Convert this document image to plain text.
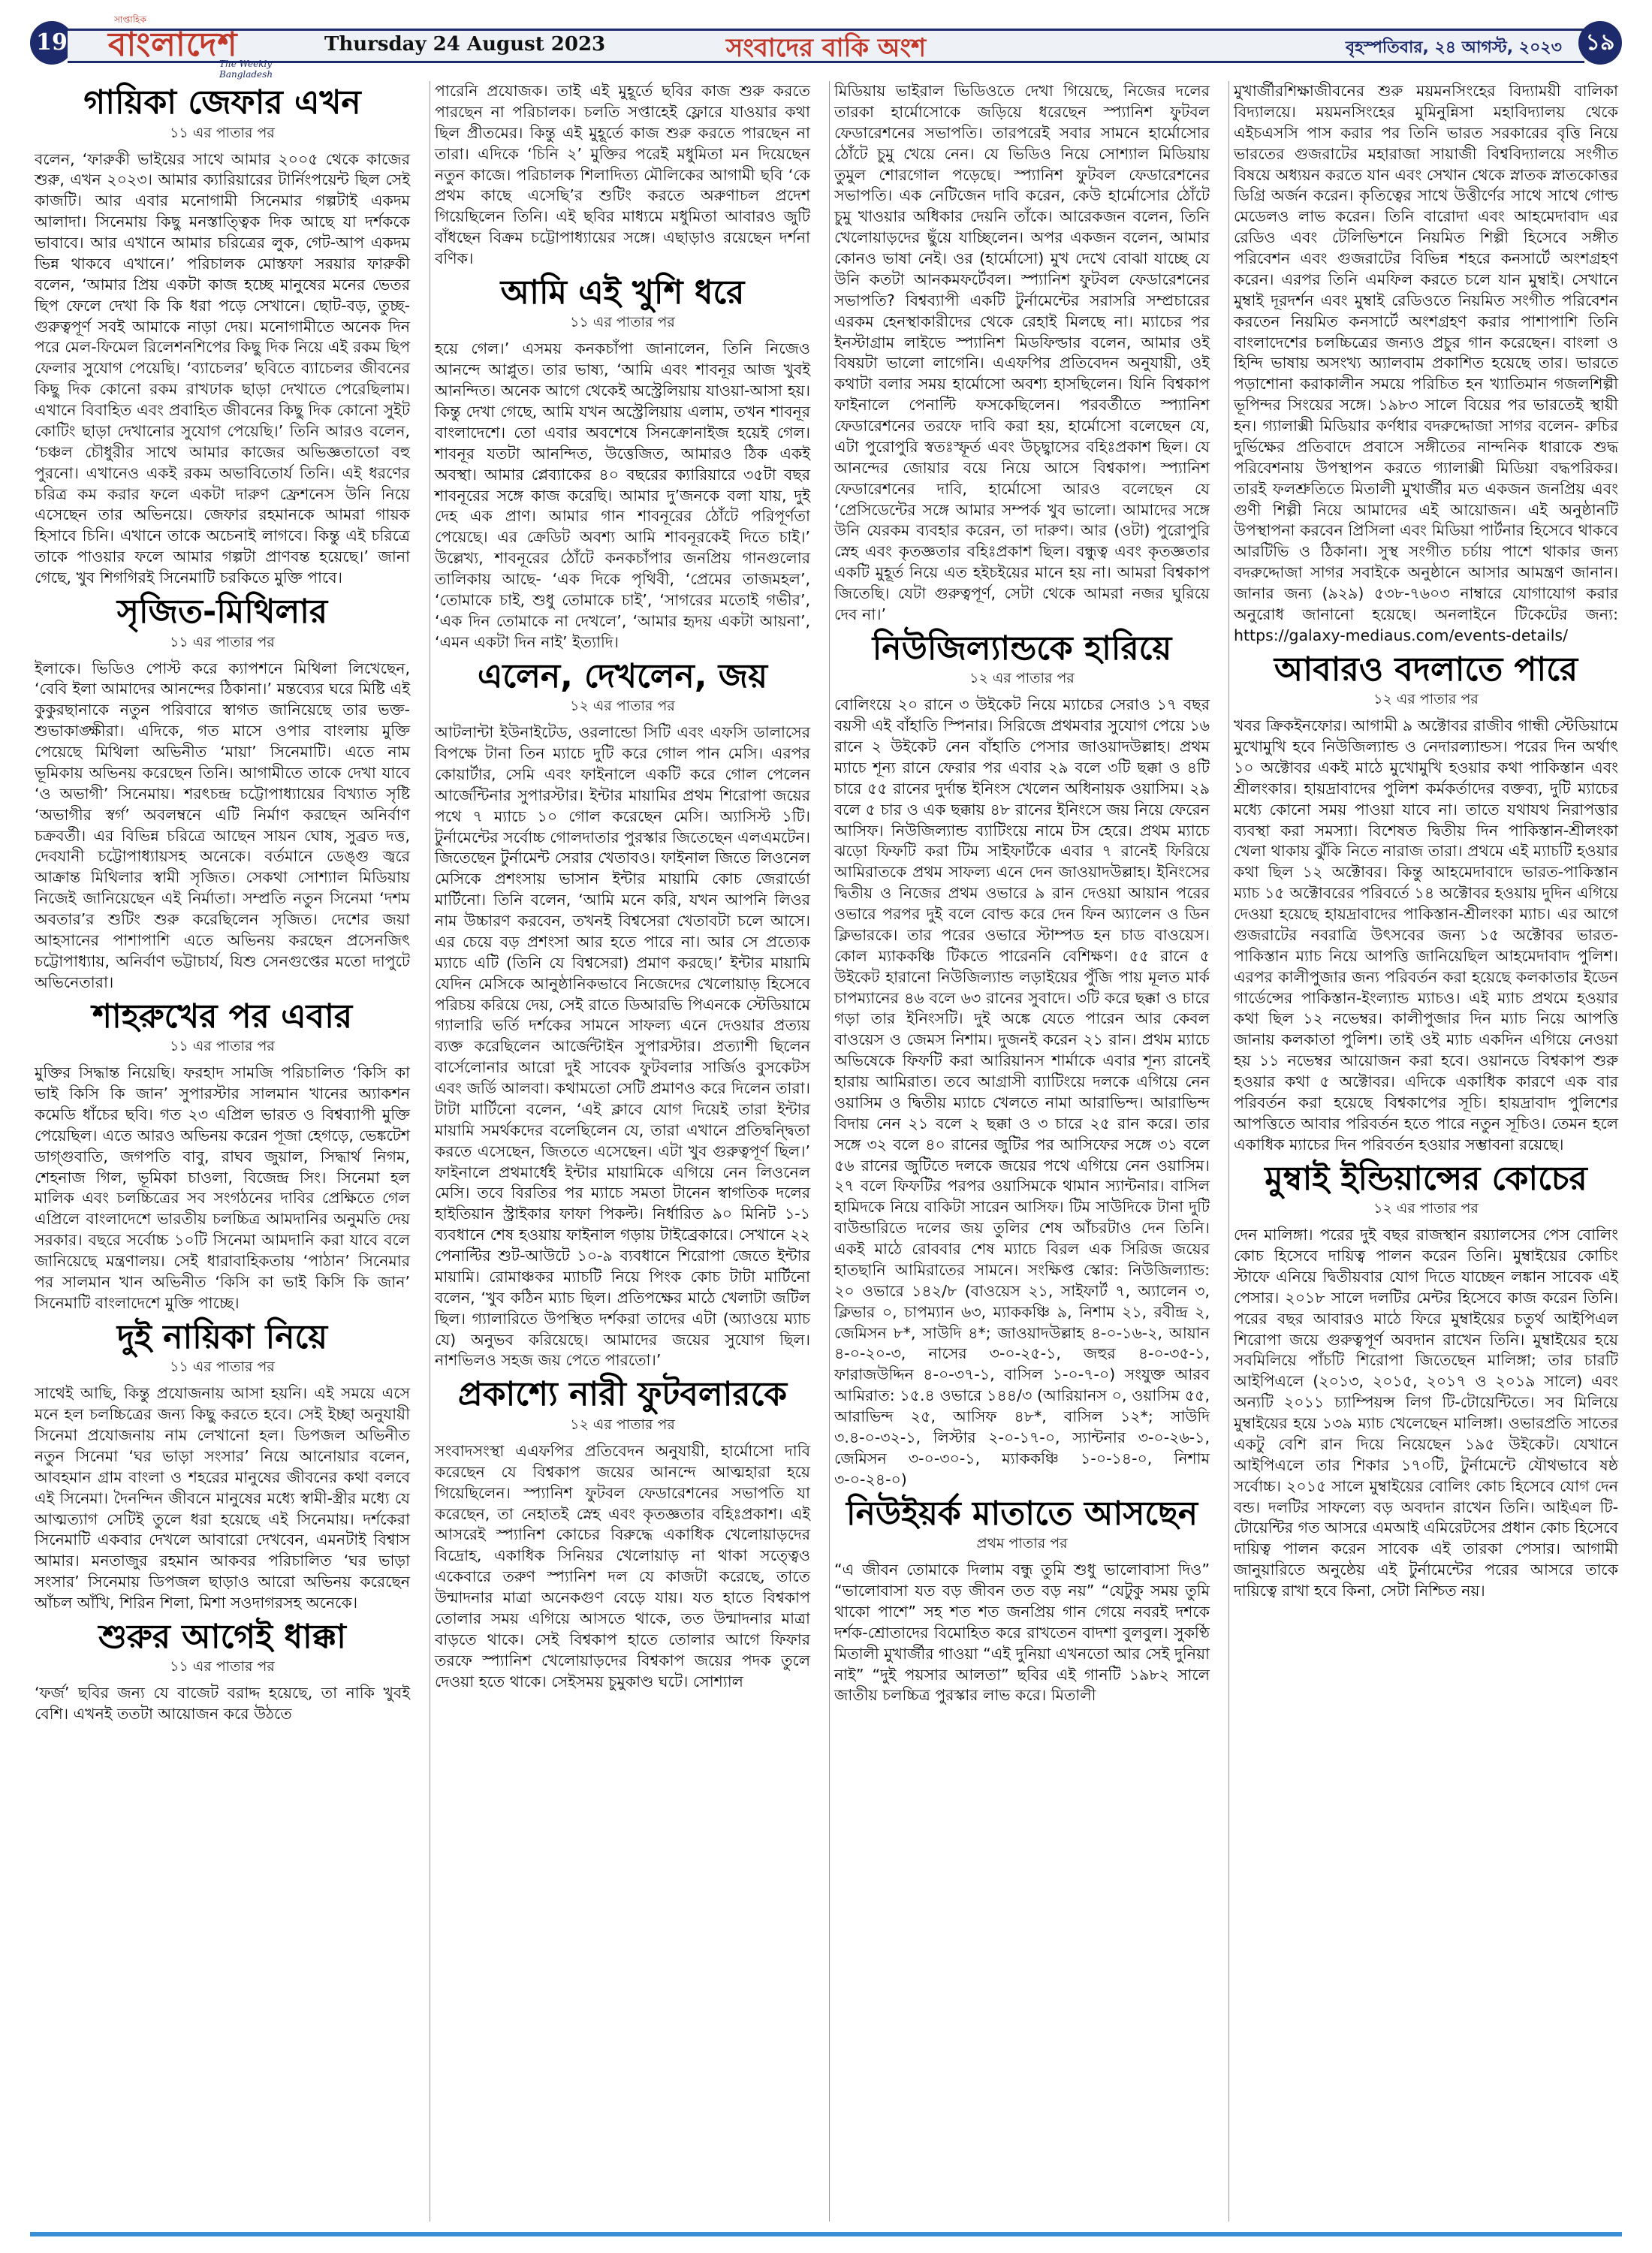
19
সাপ্তাহিক
বাংলাদেশ
The Weekly Bangladesh
Thursday 24 August 2023	সংবাদের বাকি অংশ	বৃহস্পতিবার, ২৪ আগস্ট, ২০২৩	১৯
গায়িকা জেফার এখন
১১ এর পাতার পর

বলেন, ‘ফারুকী ভাইয়ের সাথে আমার ২০০৫ থেকে কাজের শুরু, এখন ২০২৩। আমার ক্যারিয়ারের টার্নিংপয়েন্ট ছিল সেই কাজটি। আর এবার মনোগামী সিনেমার গল্পটাই একদম আলাদা। সিনেমায় কিছু মনস্তাত্ত্বিক দিক আছে যা দর্শককে ভাবাবে। আর এখানে আমার চরিত্রের লুক, গেট-আপ একদম ভিন্ন থাকবে এখানে।’ পরিচালক মোস্তফা সরয়ার ফারুকী বলেন, ‘আমার প্রিয় একটা কাজ হচ্ছে মানুষের মনের ভেতর ছিপ ফেলে দেখা কি কি ধরা পড়ে সেখানে। ছোট-বড়, তুচ্ছ-গুরুত্বপূর্ণ সবই আমাকে নাড়া দেয়। মনোগামীতে অনেক দিন পরে মেল-ফিমেল রিলেশনশিপের কিছু দিক নিয়ে এই রকম ছিপ ফেলার সুযোগ পেয়েছি। ‘ব্যাচেলর’ ছবিতে ব্যাচেলর জীবনের কিছু দিক কোনো রকম রাখঢাক ছাড়া দেখাতে পেরেছিলাম। এখানে বিবাহিত এবং প্রবাহিত জীবনের কিছু দিক কোনো সুইট কোটিং ছাড়া দেখানোর সুযোগ পেয়েছি।’ তিনি আরও বলেন, ‘চঞ্চল চৌধুরীর সাথে আমার কাজের অভিজ্ঞতাতো বহু পুরনো। এখানেও একই রকম অভাবিতোর্য তিনি। এই ধরণের চরিত্র কম করার ফলে একটা দারুণ ফ্রেশনেস উনি নিয়ে এসেছেন তার অভিনয়ে। জেফার রহমানকে আমরা গায়ক হিসাবে চিনি। এখানে তাকে অচেনাই লাগবে। কিন্তু এই চরিত্রে তাকে পাওয়ার ফলে আমার গল্পটা প্রাণবন্ত হয়েছে।’ জানা গেছে, খুব শিগগিরই সিনেমাটি চরকিতে মুক্তি পাবে।

সৃজিত-মিথিলার
১১ এর পাতার পর

ইলাকে। ভিডিও পোস্ট করে ক্যাপশনে মিথিলা লিখেছেন, ‘বেবি ইলা আমাদের আনন্দের ঠিকানা।’ মন্তব্যের ঘরে মিষ্টি এই কুকুরছানাকে নতুন পরিবারে স্বাগত জানিয়েছে তার ভক্ত-শুভাকাঙ্ক্ষীরা। এদিকে, গত মাসে ওপার বাংলায় মুক্তি পেয়েছে মিথিলা অভিনীত ‘মায়া’ সিনেমাটি। এতে নাম ভূমিকায় অভিনয় করেছেন তিনি। আগামীতে তাকে দেখা যাবে ‘ও অভাগী’ সিনেমায়। শরৎচন্দ্র চট্টোপাধ্যায়ের বিখ্যাত সৃষ্টি ‘অভাগীর স্বর্গ’ অবলম্বনে এটি নির্মাণ করছেন অনির্বাণ চক্রবর্তী। এর বিভিন্ন চরিত্রে আছেন সায়ন ঘোষ, সুব্রত দত্ত, দেবযানী চট্টোপাধ্যায়সহ অনেকে। বর্তমানে ডেঙ্গু জ্বরে আক্রান্ত মিথিলার স্বামী সৃজিত। সেকথা সোশ্যাল মিডিয়ায় নিজেই জানিয়েছেন এই নির্মাতা। সম্প্রতি নতুন সিনেমা ‘দশম অবতার’র শুটিং শুরু করেছিলেন সৃজিত। দেশের জয়া আহসানের পাশাপাশি এতে অভিনয় করছেন প্রসেনজিৎ চট্টোপাধ্যায়, অনির্বাণ ভট্টাচার্য, যিশু সেনগুপ্তের মতো দাপুটে অভিনেতারা।

শাহরুখের পর এবার
১১ এর পাতার পর

মুক্তির সিদ্ধান্ত নিয়েছি। ফরহাদ সামজি পরিচালিত ‘কিসি কা ভাই কিসি কি জান’ সুপারস্টার সালমান খানের অ্যাকশন কমেডি ধাঁচের ছবি। গত ২৩ এপ্রিল ভারত ও বিশ্বব্যাপী মুক্তি পেয়েছিল। এতে আরও অভিনয় করেন পূজা হেগড়ে, ভেঙ্কটেশ ডাগ্গুবাতি, জগপতি বাবু, রাঘব জুয়াল, সিদ্ধার্থ নিগম, শেহনাজ গিল, ভূমিকা চাওলা, বিজেন্দ্র সিং। সিনেমা হল মালিক এবং চলচ্চিত্রের সব সংগঠনের দাবির প্রেক্ষিতে গেল এপ্রিলে বাংলাদেশে ভারতীয় চলচ্চিত্র আমদানির অনুমতি দেয় সরকার। বছরে সর্বোচ্চ ১০টি সিনেমা আমদানি করা যাবে বলে জানিয়েছে মন্ত্রণালয়। সেই ধারাবাহিকতায় ‘পাঠান’ সিনেমার পর সালমান খান অভিনীত ‘কিসি কা ভাই কিসি কি জান’ সিনেমাটি বাংলাদেশে মুক্তি পাচ্ছে।

দুই নায়িকা নিয়ে
১১ এর পাতার পর

সাথেই আছি, কিন্তু প্রযোজনায় আসা হয়নি। এই সময়ে এসে মনে হল চলচ্চিত্রের জন্য কিছু করতে হবে। সেই ইচ্ছা অনুযায়ী সিনেমা প্রযোজনায় নাম লেখানো হল। ডিপজল অভিনীত নতুন সিনেমা ‘ঘর ভাড়া সংসার’ নিয়ে আনোয়ার বলেন, আবহমান গ্রাম বাংলা ও শহরের মানুষের জীবনের কথা বলবে এই সিনেমা। দৈনন্দিন জীবনে মানুষের মধ্যে স্বামী-স্ত্রীর মধ্যে যে আত্মত্যাগ সেটিই তুলে ধরা হয়েছে এই সিনেমায়। দর্শকেরা সিনেমাটি একবার দেখলে আবারো দেখবেন, এমনটাই বিশ্বাস আমার। মনতাজুর রহমান আকবর পরিচালিত ‘ঘর ভাড়া সংসার’ সিনেমায় ডিপজল ছাড়াও আরো অভিনয় করেছেন আঁচল আঁখি, শিরিন শিলা, মিশা সওদাগরসহ অনেকে।

শুরুর আগেই ধাক্কা
১১ এর পাতার পর

‘ফর্জ’ ছবির জন্য যে বাজেট বরাদ্দ হয়েছে, তা নাকি খুবই বেশি। এখনই ততটা আয়োজন করে উঠতে

পারেনি প্রযোজক। তাই এই মুহূর্তে ছবির কাজ শুরু করতে পারছেন না পরিচালক। চলতি সপ্তাহেই ফ্লোরে যাওয়ার কথা ছিল প্রীতমের। কিন্তু এই মুহূর্তে কাজ শুরু করতে পারছেন না তারা। এদিকে ‘চিনি ২’ মুক্তির পরেই মধুমিতা মন দিয়েছেন নতুন কাজে। পরিচালক শিলাদিত্য মৌলিকের আগামী ছবি ‘কে প্রথম কাছে এসেছি’র শুটিং করতে অরুণাচল প্রদেশ গিয়েছিলেন তিনি। এই ছবির মাধ্যমে মধুমিতা আবারও জুটি বাঁধছেন বিক্রম চট্টোপাধ্যায়ের সঙ্গে। এছাড়াও রয়েছেন দর্শনা বণিক।

আমি এই খুশি ধরে
১১ এর পাতার পর

হয়ে গেল।’ এসময় কনকচাঁপা জানালেন, তিনি নিজেও আনন্দে আপ্লুত। তার ভাষ্য, ‘আমি এবং শাবনূর আজ খুবই আনন্দিত। অনেক আগে থেকেই অস্ট্রেলিয়ায় যাওয়া-আসা হয়। কিন্তু দেখা গেছে, আমি যখন অস্ট্রেলিয়ায় এলাম, তখন শাবনূর বাংলাদেশে। তো এবার অবশেষে সিনক্রোনাইজ হয়েই গেল। শাবনূর যতটা আনন্দিত, উত্তেজিত, আমারও ঠিক একই অবস্থা। আমার প্লেব্যাকের ৪০ বছরের ক্যারিয়ারে ৩৫টা বছর শাবনূরের সঙ্গে কাজ করেছি। আমার দু’জনকে বলা যায়, দুই দেহ এক প্রাণ। আমার গান শাবনূরের ঠোঁটে পরিপূর্ণতা পেয়েছে। এর ক্রেডিট অবশ্য আমি শাবনূরকেই দিতে চাই।’ উল্লেখ্য, শাবনূরের ঠোঁটে কনকচাঁপার জনপ্রিয় গানগুলোর তালিকায় আছে- ‘এক দিকে পৃথিবী, ‘প্রেমের তাজমহল’, ‘তোমাকে চাই, শুধু তোমাকে চাই’, ‘সাগরের মতোই গভীর’, ‘এক দিন তোমাকে না দেখলে’, ‘আমার হৃদয় একটা আয়না’, ‘এমন একটা দিন নাই’ ইত্যাদি।

এলেন, দেখলেন, জয়
১২ এর পাতার পর

আটলান্টা ইউনাইটেড, ওরলান্ডো সিটি এবং এফসি ডালাসের বিপক্ষে টানা তিন ম্যাচে দুটি করে গোল পান মেসি। এরপর কোয়ার্টার, সেমি এবং ফাইনালে একটি করে গোল পেলেন আর্জেন্টিনার সুপারস্টার। ইন্টার মায়ামির প্রথম শিরোপা জয়ের পথে ৭ ম্যাচে ১০ গোল করেছেন মেসি। অ্যাসিস্ট ১টি। টুর্নামেন্টের সর্বোচ্চ গোলদাতার পুরস্কার জিতেছেন এলএমটেন। জিতেছেন টুর্নামেন্ট সেরার খেতাবও। ফাইনাল জিতে লিওনেল মেসিকে প্রশংসায় ভাসান ইন্টার মায়ামি কোচ জেরার্ডো মার্টিনো। তিনি বলেন, ‘আমি মনে করি, যখন আপনি লিওর নাম উচ্চারণ করবেন, তখনই বিশ্বসেরা খেতাবটা চলে আসে। এর চেয়ে বড় প্রশংসা আর হতে পারে না। আর সে প্রত্যেক ম্যাচে এটি (তিনি যে বিশ্বসেরা) প্রমাণ করছে।’ ইন্টার মায়ামি যেদিন মেসিকে আনুষ্ঠানিকভাবে নিজেদের খেলোয়াড় হিসেবে পরিচয় করিয়ে দেয়, সেই রাতে ডিআরভি পিএনকে স্টেডিয়ামে গ্যালারি ভর্তি দর্শকের সামনে সাফল্য এনে দেওয়ার প্রত্যয় ব্যক্ত করেছিলেন আর্জেন্টাইন সুপারস্টার। প্রত্যাশী ছিলেন বার্সেলোনার আরো দুই সাবেক ফুটবলার সার্জিও বুসকেটস এবং জর্ডি আলবা। কথামতো সেটি প্রমাণও করে দিলেন তারা। টাটা মার্টিনো বলেন, ‘এই ক্লাবে যোগ দিয়েই তারা ইন্টার মায়ামি সমর্থকদের বলেছিলেন যে, তারা এখানে প্রতিদ্বন্দ্বিতা করতে এসেছেন, জিততে এসেছেন। এটা খুব গুরুত্বপূর্ণ ছিল।’ ফাইনালে প্রথমার্ধেই ইন্টার মায়ামিকে এগিয়ে নেন লিওনেল মেসি। তবে বিরতির পর ম্যাচে সমতা টানেন স্বাগতিক দলের হাইতিয়ান স্ট্রাইকার ফাফা পিকল্ট। নির্ধারিত ৯০ মিনিট ১-১ ব্যবধানে শেষ হওয়ায় ফাইনাল গড়ায় টাইব্রেকারে। সেখানে ২২ পেনাল্টির শুট-আউটে ১০-৯ ব্যবধানে শিরোপা জেতে ইন্টার মায়ামি। রোমাঞ্চকর ম্যাচটি নিয়ে পিংক কোচ টাটা মার্টিনো বলেন, ‘খুব কঠিন ম্যাচ ছিল। প্রতিপক্ষের মাঠে খেলাটা জটিল ছিল। গ্যালারিতে উপস্থিত দর্শকরা তাদের এটা (অ্যাওয়ে ম্যাচ যে) অনুভব করিয়েছে। আমাদের জয়ের সুযোগ ছিল। নাশভিলও সহজ জয় পেতে পারতো।’

প্রকাশ্যে নারী ফুটবলারকে
১২ এর পাতার পর

সংবাদসংস্থা এএফপির প্রতিবেদন অনুযায়ী, হার্মোসো দাবি করেছেন যে বিশ্বকাপ জয়ের আনন্দে আত্মহারা হয়ে গিয়েছিলেন। স্প্যানিশ ফুটবল ফেডারেশনের সভাপতি যা করেছেন, তা নেহাতই স্নেহ এবং কৃতজ্ঞতার বহিঃপ্রকাশ। এই আসরেই স্প্যানিশ কোচের বিরুদ্ধে একাধিক খেলোয়াড়দের বিদ্রোহ, একাধিক সিনিয়র খেলোয়াড় না থাকা সত্ত্বেও একেবারে তরুণ স্প্যানিশ দল যে কাজটা করেছে, তাতে উন্মাদনার মাত্রা অনেকগুণ বেড়ে যায়। যত হাতে বিশ্বকাপ তোলার সময় এগিয়ে আসতে থাকে, তত উন্মাদনার মাত্রা বাড়তে থাকে। সেই বিশ্বকাপ হাতে তোলার আগে ফিফার তরফে স্প্যানিশ খেলোয়াড়দের বিশ্বকাপ জয়ের পদক তুলে দেওয়া হতে থাকে। সেইসময় চুমুকাণ্ড ঘটে। সোশ্যাল

মিডিয়ায় ভাইরাল ভিডিওতে দেখা গিয়েছে, নিজের দলের তারকা হার্মোসোকে জড়িয়ে ধরেছেন স্প্যানিশ ফুটবল ফেডারেশনের সভাপতি। তারপরেই সবার সামনে হার্মোসোর ঠোঁটে চুমু খেয়ে নেন। যে ভিডিও নিয়ে সোশ্যাল মিডিয়ায় তুমুল শোরগোল পড়েছে। স্প্যানিশ ফুটবল ফেডারেশনের সভাপতি। এক নেটিজেন দাবি করেন, কেউ হার্মোসোর ঠোঁটে চুমু খাওয়ার অধিকার দেয়নি তাঁকে। আরেকজন বলেন, তিনি খেলোয়াড়দের ছুঁয়ে যাচ্ছিলেন। অপর একজন বলেন, আমার কোনও ভাষা নেই। ওর (হার্মোসো) মুখ দেখে বোঝা যাচ্ছে যে উনি কতটা আনকমফর্টেবল। স্প্যানিশ ফুটবল ফেডারেশনের সভাপতি? বিশ্বব্যাপী একটি টুর্নামেন্টের সরাসরি সম্প্রচারের এরকম হেনস্থাকারীদের থেকে রেহাই মিলছে না। ম্যাচের পর ইনস্টাগ্রাম লাইভে স্প্যানিশ মিডফিল্ডার বলেন, আমার ওই বিষয়টা ভালো লাগেনি। এএফপির প্রতিবেদন অনুযায়ী, ওই কথাটা বলার সময় হার্মোসো অবশ্য হাসছিলেন। যিনি বিশ্বকাপ ফাইনালে পেনাল্টি ফসকেছিলেন। পরবর্তীতে স্প্যানিশ ফেডারেশনের তরফে দাবি করা হয়, হার্মোসো বলেছেন যে, এটা পুরোপুরি স্বতঃস্ফূর্ত এবং উচ্ছ্বাসের বহিঃপ্রকাশ ছিল। যে আনন্দের জোয়ার বয়ে নিয়ে আসে বিশ্বকাপ। স্প্যানিশ ফেডারেশনের দাবি, হার্মোসো আরও বলেছেন যে ‘প্রেসিডেন্টের সঙ্গে আমার সম্পর্ক খুব ভালো। আমাদের সঙ্গে উনি যেরকম ব্যবহার করেন, তা দারুণ। আর (ওটা) পুরোপুরি স্নেহ এবং কৃতজ্ঞতার বহিঃপ্রকাশ ছিল। বন্ধুত্ব এবং কৃতজ্ঞতার একটি মুহূর্ত নিয়ে এত হইচইয়ের মানে হয় না। আমরা বিশ্বকাপ জিতেছি। যেটা গুরুত্বপূর্ণ, সেটা থেকে আমরা নজর ঘুরিয়ে দেব না।’

নিউজিল্যান্ডকে হারিয়ে
১২ এর পাতার পর

বোলিংয়ে ২০ রানে ৩ উইকেট নিয়ে ম্যাচের সেরাও ১৭ বছর বয়সী এই বাঁহাতি স্পিনার। সিরিজে প্রথমবার সুযোগ পেয়ে ১৬ রানে ২ উইকেট নেন বাঁহাতি পেসার জাওয়াদউল্লাহ। প্রথম ম্যাচে শূন্য রানে ফেরার পর এবার ২৯ বলে ৩টি ছক্কা ও ৪টি চারে ৫৫ রানের দুর্দান্ত ইনিংস খেলেন অধিনায়ক ওয়াসিম। ২৯ বলে ৫ চার ও এক ছক্কায় ৪৮ রানের ইনিংসে জয় নিয়ে ফেরেন আসিফ। নিউজিল্যান্ড ব্যাটিংয়ে নামে টস হেরে। প্রথম ম্যাচে ঝড়ো ফিফটি করা টিম সাইফার্টকে এবার ৭ রানেই ফিরিয়ে আমিরাতকে প্রথম সাফল্য এনে দেন জাওয়াদউল্লাহ। ইনিংসের দ্বিতীয় ও নিজের প্রথম ওভারে ৯ রান দেওয়া আয়ান পরের ওভারে পরপর দুই বলে বোল্ড করে দেন ফিন অ্যালেন ও ডিন ক্লিভারকে। তার পরের ওভারে স্টাম্পড হন চাড বাওয়েস। কোল ম্যাককঞ্চি টিকতে পারেননি বেশিক্ষণ। ৫৫ রানে ৫ উইকেট হারানো নিউজিল্যান্ড লড়াইয়ের পুঁজি পায় মূলত মার্ক চাপম্যানের ৪৬ বলে ৬৩ রানের সুবাদে। ৩টি করে ছক্কা ও চারে গড়া তার ইনিংসটি। দুই অঙ্কে যেতে পারেন আর কেবল বাওয়েস ও জেমস নিশাম। দুজনই করেন ২১ রান। প্রথম ম্যাচে অভিষেকে ফিফটি করা আরিয়ানস শার্মাকে এবার শূন্য রানেই হারায় আমিরাত। তবে আগ্রাসী ব্যাটিংয়ে দলকে এগিয়ে নেন ওয়াসিম ও দ্বিতীয় ম্যাচে খেলতে নামা আরাভিন্দ। আরাভিন্দ বিদায় নেন ২১ বলে ২ ছক্কা ও ৩ চারে ২৫ রান করে। তার সঙ্গে ৩২ বলে ৪০ রানের জুটির পর আসিফের সঙ্গে ৩১ বলে ৫৬ রানের জুটিতে দলকে জয়ের পথে এগিয়ে নেন ওয়াসিম। ২৭ বলে ফিফটির পরপর ওয়াসিমকে থামান স্যান্টনার। বাসিল হামিদকে নিয়ে বাকিটা সারেন আসিফ। টিম সাউদিকে টানা দুটি বাউন্ডারিতে দলের জয় তুলির শেষ আঁচরটাও দেন তিনি। একই মাঠে রোববার শেষ ম্যাচে বিরল এক সিরিজ জয়ের হাতছানি আমিরাতের সামনে। সংক্ষিপ্ত স্কোর: নিউজিল্যান্ড: ২০ ওভারে ১৪২/৮ (বাওয়েস ২১, সাইফার্ট ৭, অ্যালেন ৩, ক্লিভার ০, চাপম্যান ৬৩, ম্যাককঞ্চি ৯, নিশাম ২১, রবীন্দ্র ২, জেমিসন ৮*, সাউদি ৪*; জাওয়াদউল্লাহ ৪-০-১৬-২, আয়ান ৪-০-২০-৩, নাসের ৩-০-২৫-১, জহুর ৪-০-৩৫-১, ফারাজউদ্দিন ৪-০-৩৭-১, বাসিল ১-০-৭-০) সংযুক্ত আরব আমিরাত: ১৫.৪ ওভারে ১৪৪/৩ (আরিয়ানস ০, ওয়াসিম ৫৫, আরাভিন্দ ২৫, আসিফ ৪৮*, বাসিল ১২*; সাউদি ৩.৪-০-৩২-১, লিস্টার ২-০-১৭-০, স্যান্টনার ৩-০-২৬-১, জেমিসন ৩-০-৩০-১, ম্যাককঞ্চি ১-০-১৪-০, নিশাম ৩-০-২৪-০)

নিউইয়র্ক মাতাতে আসছেন
প্রথম পাতার পর

“এ জীবন তোমাকে দিলাম বন্ধু তুমি শুধু ভালোবাসা দিও” “ভালোবাসা যত বড় জীবন তত বড় নয়” “যেটুকু সময় তুমি থাকো পাশে” সহ শত শত জনপ্রিয় গান গেয়ে নবরই দশকে দর্শক-শ্রোতাদের বিমোহিত করে রাখতেন বাদশা বুলবুল। সুকণ্ঠি মিতালী মুখার্জীর গাওয়া “এই দুনিয়া এখনতো আর সেই দুনিয়া নাই” “দুই পয়সার আলতা” ছবির এই গানটি ১৯৮২ সালে জাতীয় চলচ্চিত্র পুরস্কার লাভ করে। মিতালী

মুখার্জীরশিক্ষাজীবনের শুরু ময়মনসিংহের বিদ্যাময়ী বালিকা বিদ্যালয়ে। ময়মনসিংহের মুমিনুন্নিসা মহাবিদ্যালয় থেকে এইচএসসি পাস করার পর তিনি ভারত সরকারের বৃত্তি নিয়ে ভারতের গুজরাটের মহারাজা সায়াজী বিশ্ববিদ্যালয়ে সংগীত বিষয়ে অধ্যয়ন করতে যান এবং সেখান থেকে স্নাতক স্নাতকোত্তর ডিগ্রি অর্জন করেন। কৃতিত্বের সাথে উত্তীর্ণের সাথে সাথে গোল্ড মেডেলও লাভ করেন। তিনি বারোদা এবং আহমেদাবাদ এর রেডিও এবং টেলিভিশনে নিয়মিত শিল্পী হিসেবে সঙ্গীত পরিবেশন এবং গুজরাটের বিভিন্ন শহরে কনসার্টে অংশগ্রহণ করেন। এরপর তিনি এমফিল করতে চলে যান মুম্বাই। সেখানে মুম্বাই দূরদর্শন এবং মুম্বাই রেডিওতে নিয়মিত সংগীত পরিবেশন করতেন নিয়মিত কনসার্টে অংশগ্রহণ করার পাশাপাশি তিনি বাংলাদেশের চলচ্চিত্রের জন্যও প্রচুর গান করেছেন। বাংলা ও হিন্দি ভাষায় অসংখ্য অ্যালবাম প্রকাশিত হয়েছে তার। ভারতে পড়াশোনা করাকালীন সময়ে পরিচিত হন খ্যাতিমান গজলশিল্পী ভূপিন্দর সিংয়ের সঙ্গে। ১৯৮৩ সালে বিয়ের পর ভারতেই স্থায়ী হন। গ্যালাক্সী মিডিয়ার কর্ণধার বদরুদ্দোজা সাগর বলেন- রুচির দুর্ভিক্ষের প্রতিবাদে প্রবাসে সঙ্গীতের নান্দনিক ধারাকে শুদ্ধ পরিবেশনায় উপস্থাপন করতে গ্যালাক্সী মিডিয়া বদ্ধপরিকর। তারই ফলশ্রুতিতে মিতালী মুখার্জীর মত একজন জনপ্রিয় এবং গুণী শিল্পী নিয়ে আমাদের এই আয়োজন। এই অনুষ্ঠানটি উপস্থাপনা করবেন প্রিসিলা এবং মিডিয়া পার্টনার হিসেবে থাকবে আরটিভি ও ঠিকানা। সুস্থ সংগীত চর্চায় পাশে থাকার জন্য বদরুদ্দোজা সাগর সবাইকে অনুষ্ঠানে আসার আমন্ত্রণ জানান। জানার জন্য (৯২৯) ৫৩৮-৭৬০৩ নাম্বারে যোগাযোগ করার অনুরোধ জানানো হয়েছে। অনলাইনে টিকেটের জন্য: https://galaxy-mediaus.com/events-details/

আবারও বদলাতে পারে
১২ এর পাতার পর

খবর ক্রিকইনফোর। আগামী ৯ অক্টোবর রাজীব গান্ধী স্টেডিয়ামে মুখোমুখি হবে নিউজিল্যান্ড ও নেদারল্যান্ডস। পরের দিন অর্থাৎ ১০ অক্টোবর একই মাঠে মুখোমুখি হওয়ার কথা পাকিস্তান এবং শ্রীলংকার। হায়দ্রাবাদের পুলিশ কর্মকর্তাদের বক্তব্য, দুটি ম্যাচের মধ্যে কোনো সময় পাওয়া যাবে না। তাতে যথাযথ নিরাপত্তার ব্যবস্থা করা সমস্যা। বিশেষত দ্বিতীয় দিন পাকিস্তান-শ্রীলংকা খেলা থাকায় ঝুঁকি নিতে নারাজ তারা। প্রথমে এই ম্যাচটি হওয়ার কথা ছিল ১২ অক্টোবর। কিন্তু আহমেদাবাদে ভারত-পাকিস্তান ম্যাচ ১৫ অক্টোবরের পরিবর্তে ১৪ অক্টোবর হওয়ায় দুদিন এগিয়ে দেওয়া হয়েছে হায়দ্রাবাদের পাকিস্তান-শ্রীলংকা ম্যাচ। এর আগে গুজরাটের নবরাত্রি উৎসবের জন্য ১৫ অক্টোবর ভারত-পাকিস্তান ম্যাচ নিয়ে আপত্তি জানিয়েছিল আহমেদাবাদ পুলিশ। এরপর কালীপুজার জন্য পরিবর্তন করা হয়েছে কলকাতার ইডেন গার্ডেন্সের পাকিস্তান-ইংল্যান্ড ম্যাচও। এই ম্যাচ প্রথমে হওয়ার কথা ছিল ১২ নভেম্বর। কালীপুজার দিন ম্যাচ নিয়ে আপত্তি জানায় কলকাতা পুলিশ। তাই ওই ম্যাচ একদিন এগিয়ে নেওয়া হয় ১১ নভেম্বর আয়োজন করা হবে। ওয়ানডে বিশ্বকাপ শুরু হওয়ার কথা ৫ অক্টোবর। এদিকে একাধিক কারণে এক বার পরিবর্তন করা হয়েছে বিশ্বকাপের সূচি। হায়দ্রাবাদ পুলিশের আপত্তিতে আবার পরিবর্তন হতে পারে নতুন সূচিও। তেমন হলে একাধিক ম্যাচের দিন পরিবর্তন হওয়ার সম্ভাবনা রয়েছে।

মুম্বাই ইন্ডিয়ান্সের কোচের
১২ এর পাতার পর

দেন মালিঙ্গা। পরের দুই বছর রাজস্থান রয়্যালসের পেস বোলিং কোচ হিসেবে দায়িত্ব পালন করেন তিনি। মুম্বাইয়ের কোচিং স্টাফে এনিয়ে দ্বিতীয়বার যোগ দিতে যাচ্ছেন লঙ্কান সাবেক এই পেসার। ২০১৮ সালে দলটির মেন্টর হিসেবে কাজ করেন তিনি। পরের বছর আবারও মাঠে ফিরে মুম্বাইয়ের চতুর্থ আইপিএল শিরোপা জয়ে গুরুত্বপূর্ণ অবদান রাখেন তিনি। মুম্বাইয়ের হয়ে সবমিলিয়ে পাঁচটি শিরোপা জিতেছেন মালিঙ্গা; তার চারটি আইপিএলে (২০১৩, ২০১৫, ২০১৭ ও ২০১৯ সালে) এবং অন্যটি ২০১১ চ্যাম্পিয়ন্স লিগ টি-টোয়েন্টিতে। সব মিলিয়ে মুম্বাইয়ের হয়ে ১৩৯ ম্যাচ খেলেছেন মালিঙ্গা। ওভারপ্রতি সাতের একটু বেশি রান দিয়ে নিয়েছেন ১৯৫ উইকেট। যেখানে আইপিএলে তার শিকার ১৭০টি, টুর্নামেন্টে যৌথভাবে ষষ্ঠ সর্বোচ্চ। ২০১৫ সালে মুম্বাইয়ের বোলিং কোচ হিসেবে যোগ দেন বন্ড। দলটির সাফল্যে বড় অবদান রাখেন তিনি। আইএল টি-টোয়েন্টির গত আসরে এমআই এমিরেটসের প্রধান কোচ হিসেবে দায়িত্ব পালন করেন সাবেক এই তারকা পেসার। আগামী জানুয়ারিতে অনুষ্ঠেয় এই টুর্নামেন্টের পরের আসরে তাকে দায়িত্বে রাখা হবে কিনা, সেটা নিশ্চিত নয়।
